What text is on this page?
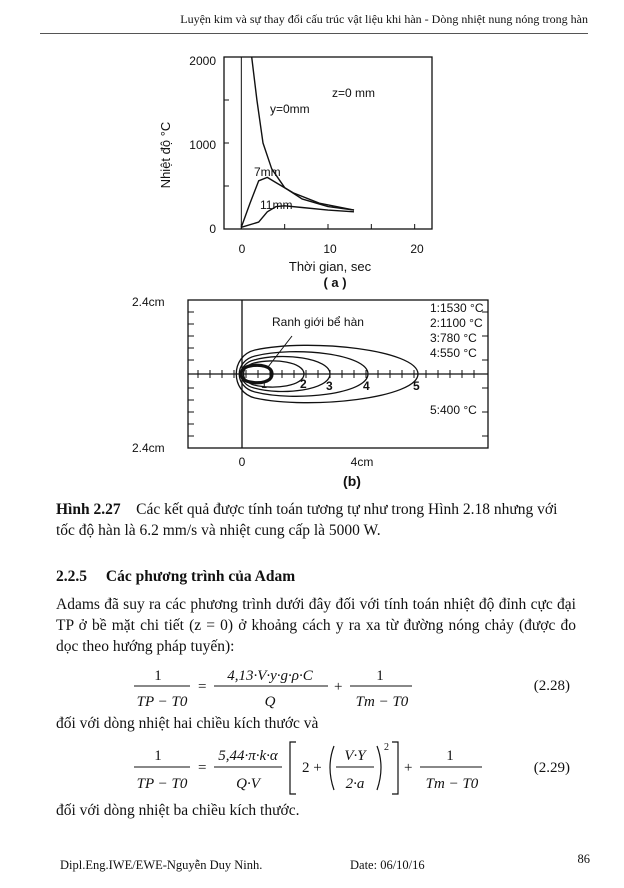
Luyện kim và sự thay đổi cấu trúc vật liệu khi hàn - Dòng nhiệt nung nóng trong hàn
Nhiệt độ °C
2000
1000
0
0	10	20
Thời gian, sec
( a )
z=0 mm
y=0mm
7mm
11mm
2.4cm
2.4cm
Ranh giới bể hàn
1	2 3	4	5
1:1530 °C
2:1100 °C
3:780 °C
4:550 °C
5:400 °C
0	4cm
(b)
Hình 2.27 Các kết quả được tính toán tương tự như trong Hình 2.18 nhưng với tốc độ hàn là 6.2 mm/s và nhiệt cung cấp là 5000 W.
2.2.5 Các phương trình của Adam
Adams đã suy ra các phương trình dưới đây đối với tính toán nhiệt độ đỉnh cực đại TP ở bề mặt chi tiết (z = 0) ở khoảng cách y ra xa từ đường nóng chảy (được đo dọc theo hướng pháp tuyến):
1
TP − T0
=
4,13·V·y·g·ρ·C
Q
+
1
Tm − T0
(2.28)
đối với dòng nhiệt hai chiều kích thước và
1
TP − T0
=
5,44·π·k·α
Q·V
2 +
V·Y
2·a
2
+
1
Tm − T0
(2.29)
đối với dòng nhiệt ba chiều kích thước.
Dipl.Eng.IWE/EWE-Nguyễn Duy Ninh.	Date: 06/10/16	86
